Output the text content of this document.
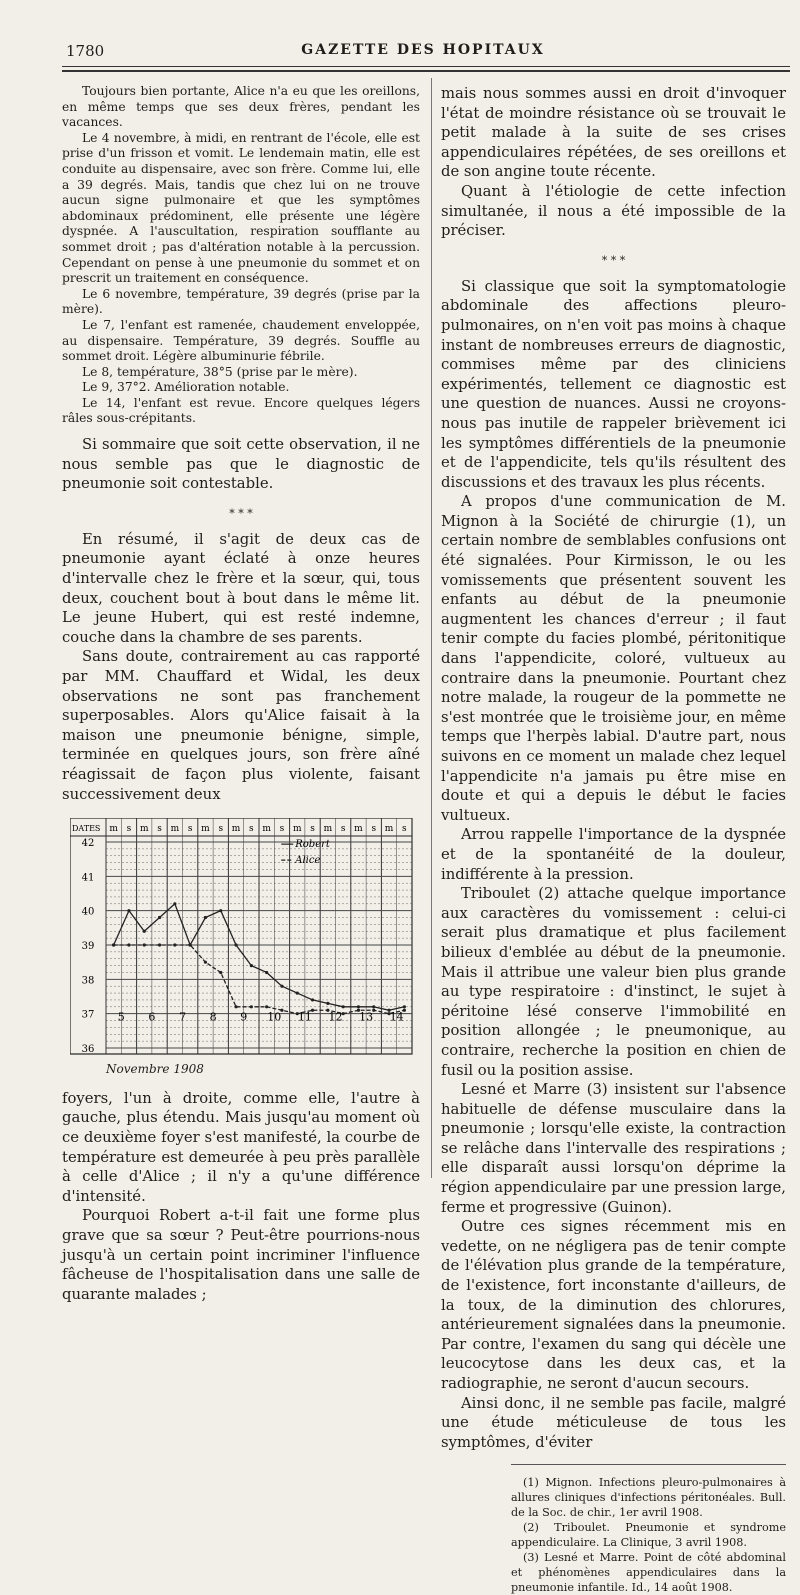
1780	GAZETTE DES HOPITAUX

Toujours bien portante, Alice n'a eu que les oreillons, en même temps que ses deux frères, pendant les vacances.

Le 4 novembre, à midi, en rentrant de l'école, elle est prise d'un frisson et vomit. Le lendemain matin, elle est conduite au dispensaire, avec son frère. Comme lui, elle a 39 degrés. Mais, tandis que chez lui on ne trouve aucun signe pulmonaire et que les symptômes abdominaux prédominent, elle présente une légère dyspnée. A l'auscultation, respiration soufflante au sommet droit ; pas d'altération notable à la percussion. Cependant on pense à une pneumonie du sommet et on prescrit un traitement en conséquence.

Le 6 novembre, température, 39 degrés (prise par la mère).

Le 7, l'enfant est ramenée, chaudement enveloppée, au dispensaire. Température, 39 degrés. Souffle au sommet droit. Légère albuminurie fébrile.

Le 8, température, 38°5 (prise par le mère).

Le 9, 37°2. Amélioration notable.

Le 14, l'enfant est revue. Encore quelques légers râles sous-crépitants.

Si sommaire que soit cette observation, il ne nous semble pas que le diagnostic de pneumonie soit contestable.

* * *

En résumé, il s'agit de deux cas de pneumonie ayant éclaté à onze heures d'intervalle chez le frère et la sœur, qui, tous deux, couchent bout à bout dans le même lit. Le jeune Hubert, qui est resté indemne, couche dans la chambre de ses parents.

Sans doute, contrairement au cas rapporté par MM. Chauffard et Widal, les deux observations ne sont pas franchement superposables. Alors qu'Alice faisait à la maison une pneumonie bénigne, simple, terminée en quelques jours, son frère aîné réagissait de façon plus violente, faisant successivement deux

DATES m s m s m s m s m s m s m s m s m s m s
42
41
40
39
38
37
36
Robert
Alice
5 6 7 8 9 10 11 12 13 14
Novembre 1908

foyers, l'un à droite, comme elle, l'autre à gauche, plus étendu. Mais jusqu'au moment où ce deuxième foyer s'est manifesté, la courbe de température est demeurée à peu près parallèle à celle d'Alice ; il n'y a qu'une différence d'intensité.

Pourquoi Robert a-t-il fait une forme plus grave que sa sœur ? Peut-être pourrions-nous jusqu'à un certain point incriminer l'influence fâcheuse de l'hospitalisation dans une salle de quarante malades ;

mais nous sommes aussi en droit d'invoquer l'état de moindre résistance où se trouvait le petit malade à la suite de ses crises appendiculaires répétées, de ses oreillons et de son angine toute récente.

Quant à l'étiologie de cette infection simultanée, il nous a été impossible de la préciser.

* * *

Si classique que soit la symptomatologie abdominale des affections pleuro-pulmonaires, on n'en voit pas moins à chaque instant de nombreuses erreurs de diagnostic, commises même par des cliniciens expérimentés, tellement ce diagnostic est une question de nuances. Aussi ne croyons-nous pas inutile de rappeler brièvement ici les symptômes différentiels de la pneumonie et de l'appendicite, tels qu'ils résultent des discussions et des travaux les plus récents.

A propos d'une communication de M. Mignon à la Société de chirurgie (1), un certain nombre de semblables confusions ont été signalées. Pour Kirmisson, le ou les vomissements que présentent souvent les enfants au début de la pneumonie augmentent les chances d'erreur ; il faut tenir compte du facies plombé, péritonitique dans l'appendicite, coloré, vultueux au contraire dans la pneumonie. Pourtant chez notre malade, la rougeur de la pommette ne s'est montrée que le troisième jour, en même temps que l'herpès labial. D'autre part, nous suivons en ce moment un malade chez lequel l'appendicite n'a jamais pu être mise en doute et qui a depuis le début le facies vultueux.

Arrou rappelle l'importance de la dyspnée et de la spontanéité de la douleur, indifférente à la pression.

Triboulet (2) attache quelque importance aux caractères du vomissement : celui-ci serait plus dramatique et plus facilement bilieux d'emblée au début de la pneumonie. Mais il attribue une valeur bien plus grande au type respiratoire : d'instinct, le sujet à péritoine lésé conserve l'immobilité en position allongée ; le pneumonique, au contraire, recherche la position en chien de fusil ou la position assise.

Lesné et Marre (3) insistent sur l'absence habituelle de défense musculaire dans la pneumonie ; lorsqu'elle existe, la contraction se relâche dans l'intervalle des respirations ; elle disparaît aussi lorsqu'on déprime la région appendiculaire par une pression large, ferme et progressive (Guinon).

Outre ces signes récemment mis en vedette, on ne négligera pas de tenir compte de l'élévation plus grande de la température, de l'existence, fort inconstante d'ailleurs, de la toux, de la diminution des chlorures, antérieurement signalées dans la pneumonie. Par contre, l'examen du sang qui décèle une leucocytose dans les deux cas, et la radiographie, ne seront d'aucun secours.

Ainsi donc, il ne semble pas facile, malgré une étude méticuleuse de tous les symptômes, d'éviter

(1) Mignon. Infections pleuro-pulmonaires à allures cliniques d'infections péritonéales. Bull. de la Soc. de chir., 1er avril 1908.

(2) Triboulet. Pneumonie et syndrome appendiculaire. La Clinique, 3 avril 1908.

(3) Lesné et Marre. Point de côté abdominal et phénomènes appendiculaires dans la pneumonie infantile. Id., 14 août 1908.
